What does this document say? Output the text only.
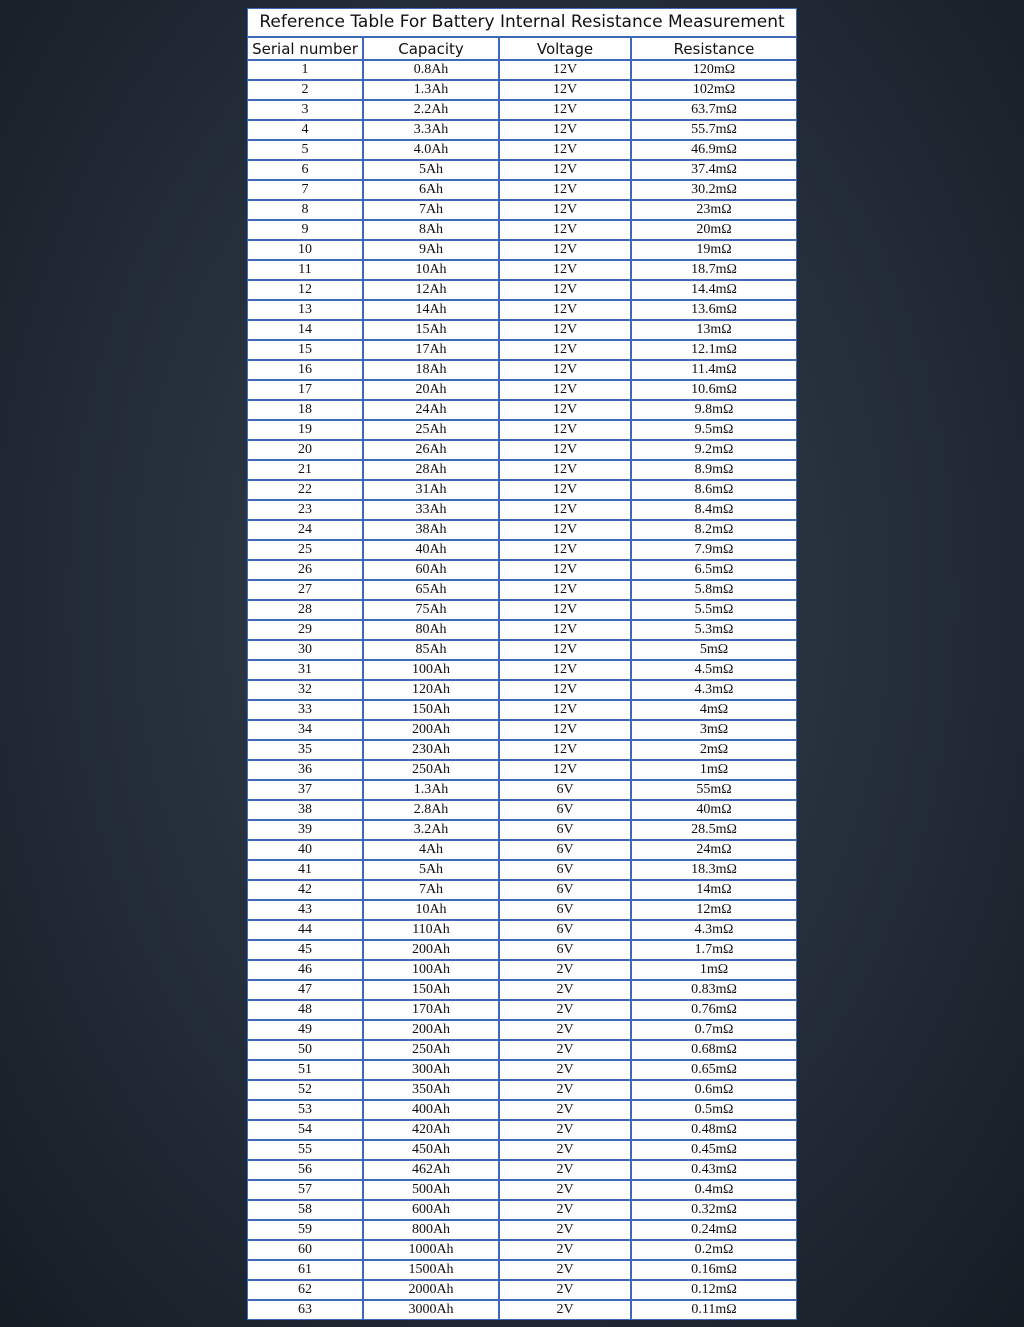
Reference Table For Battery Internal Resistance Measurement
Serial number	Capacity	Voltage	Resistance
1	0.8Ah	12V	120mΩ
2	1.3Ah	12V	102mΩ
3	2.2Ah	12V	63.7mΩ
4	3.3Ah	12V	55.7mΩ
5	4.0Ah	12V	46.9mΩ
6	5Ah	12V	37.4mΩ
7	6Ah	12V	30.2mΩ
8	7Ah	12V	23mΩ
9	8Ah	12V	20mΩ
10	9Ah	12V	19mΩ
11	10Ah	12V	18.7mΩ
12	12Ah	12V	14.4mΩ
13	14Ah	12V	13.6mΩ
14	15Ah	12V	13mΩ
15	17Ah	12V	12.1mΩ
16	18Ah	12V	11.4mΩ
17	20Ah	12V	10.6mΩ
18	24Ah	12V	9.8mΩ
19	25Ah	12V	9.5mΩ
20	26Ah	12V	9.2mΩ
21	28Ah	12V	8.9mΩ
22	31Ah	12V	8.6mΩ
23	33Ah	12V	8.4mΩ
24	38Ah	12V	8.2mΩ
25	40Ah	12V	7.9mΩ
26	60Ah	12V	6.5mΩ
27	65Ah	12V	5.8mΩ
28	75Ah	12V	5.5mΩ
29	80Ah	12V	5.3mΩ
30	85Ah	12V	5mΩ
31	100Ah	12V	4.5mΩ
32	120Ah	12V	4.3mΩ
33	150Ah	12V	4mΩ
34	200Ah	12V	3mΩ
35	230Ah	12V	2mΩ
36	250Ah	12V	1mΩ
37	1.3Ah	6V	55mΩ
38	2.8Ah	6V	40mΩ
39	3.2Ah	6V	28.5mΩ
40	4Ah	6V	24mΩ
41	5Ah	6V	18.3mΩ
42	7Ah	6V	14mΩ
43	10Ah	6V	12mΩ
44	110Ah	6V	4.3mΩ
45	200Ah	6V	1.7mΩ
46	100Ah	2V	1mΩ
47	150Ah	2V	0.83mΩ
48	170Ah	2V	0.76mΩ
49	200Ah	2V	0.7mΩ
50	250Ah	2V	0.68mΩ
51	300Ah	2V	0.65mΩ
52	350Ah	2V	0.6mΩ
53	400Ah	2V	0.5mΩ
54	420Ah	2V	0.48mΩ
55	450Ah	2V	0.45mΩ
56	462Ah	2V	0.43mΩ
57	500Ah	2V	0.4mΩ
58	600Ah	2V	0.32mΩ
59	800Ah	2V	0.24mΩ
60	1000Ah	2V	0.2mΩ
61	1500Ah	2V	0.16mΩ
62	2000Ah	2V	0.12mΩ
63	3000Ah	2V	0.11mΩ
